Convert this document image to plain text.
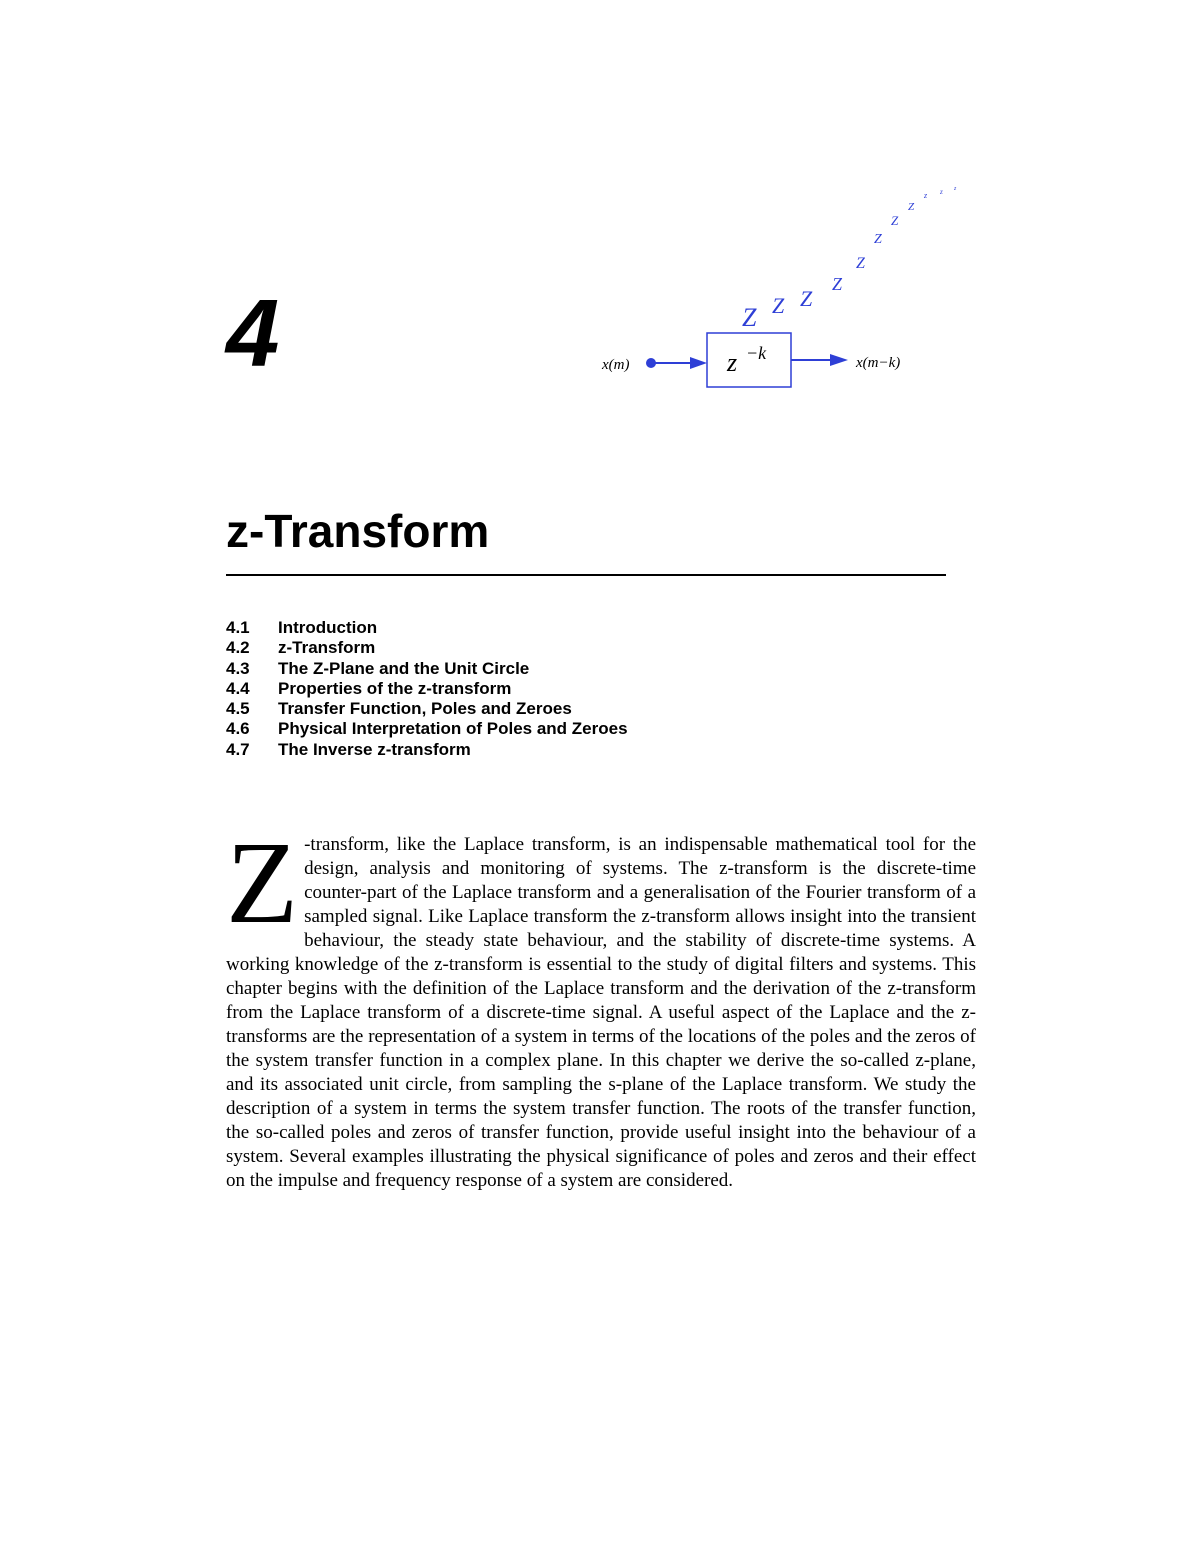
4	Z Z Z
Z
Z
Z
Z
Z
z z z
x(m)	z −k	x(m−k)
z-Transform
4.1 Introduction
4.2 z-Transform
4.3 The Z-Plane and the Unit Circle
4.4 Properties of the z-transform
4.5 Transfer Function, Poles and Zeroes
4.6 Physical Interpretation of Poles and Zeroes
4.7 The Inverse z-transform

Z -transform, like the Laplace transform, is an indispensable mathematical tool for the design, analysis and monitoring of systems. The z-transform is the discrete-time counter-part of the Laplace transform and a generalisation of the Fourier transform of a sampled signal. Like Laplace transform the z-transform allows insight into the transient behaviour, the steady state behaviour, and the stability of discrete-time systems. A working knowledge of the z-transform is essential to the study of digital filters and systems. This chapter begins with the definition of the Laplace transform and the derivation of the z-transform from the Laplace transform of a discrete-time signal. A useful aspect of the Laplace and the z-transforms are the representation of a system in terms of the locations of the poles and the zeros of the system transfer function in a complex plane. In this chapter we derive the so-called z-plane, and its associated unit circle, from sampling the s-plane of the Laplace transform. We study the description of a system in terms the system transfer function. The roots of the transfer function, the so-called poles and zeros of transfer function, provide useful insight into the behaviour of a system. Several examples illustrating the physical significance of poles and zeros and their effect on the impulse and frequency response of a system are considered.
